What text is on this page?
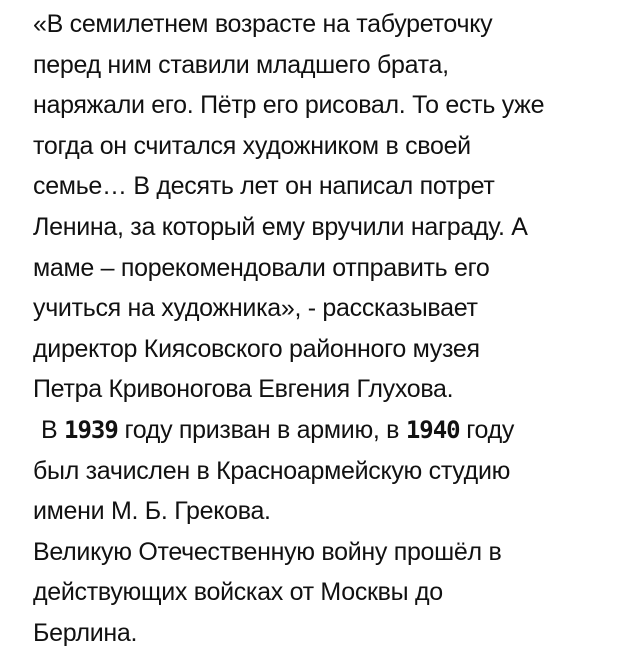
«В семилетнем возрасте на табуреточку
перед ним ставили младшего брата,
наряжали его. Пётр его рисовал. То есть уже
тогда он считался художником в своей
семье… В десять лет он написал потрет
Ленина, за который ему вручили награду. А
маме – порекомендовали отправить его
учиться на художника», - рассказывает
директор Киясовского районного музея
Петра Кривоногова Евгения Глухова.
В 1939 году призван в армию, в 1940 году
был зачислен в Красноармейскую студию
имени М. Б. Грекова.
Великую Отечественную войну прошёл в
действующих войсках от Москвы до
Берлина.
